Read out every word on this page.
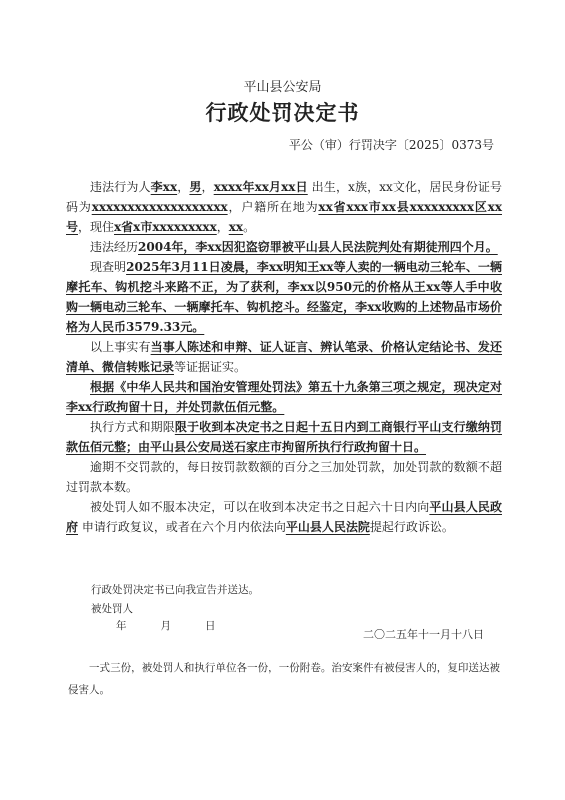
平山县公安局
行政处罚决定书
平公（审）行罚决字〔2025〕0373号

违法行为人李xx，男，xxxx年xx月xx日 出生，x族，xx文化，居民身份证号码为xxxxxxxxxxxxxxxxxxx，户籍所在地为xx省xxx市xx县xxxxxxxxx区xx号，现住x省x市xxxxxxxxx，xx。

违法经历2004年，李xx因犯盗窃罪被平山县人民法院判处有期徒刑四个月。

现查明2025年3月11日凌晨，李xx明知王xx等人卖的一辆电动三轮车、一辆摩托车、钩机挖斗来路不正，为了获利，李xx以950元的价格从王xx等人手中收购一辆电动三轮车、一辆摩托车、钩机挖斗。经鉴定，李xx收购的上述物品市场价格为人民币3579.33元。

以上事实有当事人陈述和申辩、证人证言、辨认笔录、价格认定结论书、发还清单、微信转账记录等证据证实。

根据《中华人民共和国治安管理处罚法》第五十九条第三项之规定，现决定对李xx行政拘留十日，并处罚款伍佰元整。

执行方式和期限限于收到本决定书之日起十五日内到工商银行平山支行缴纳罚款伍佰元整；由平山县公安局送石家庄市拘留所执行行政拘留十日。

逾期不交罚款的，每日按罚款数额的百分之三加处罚款，加处罚款的数额不超过罚款本数。

被处罚人如不服本决定，可以在收到本决定书之日起六十日内向平山县人民政府 申请行政复议，或者在六个月内依法向平山县人民法院提起行政诉讼。

行政处罚决定书已向我宣告并送达。
被处罚人
年	月	日
二〇二五年十一月十八日
一式三份，被处罚人和执行单位各一份，一份附卷。治安案件有被侵害人的，复印送达被侵害人。
